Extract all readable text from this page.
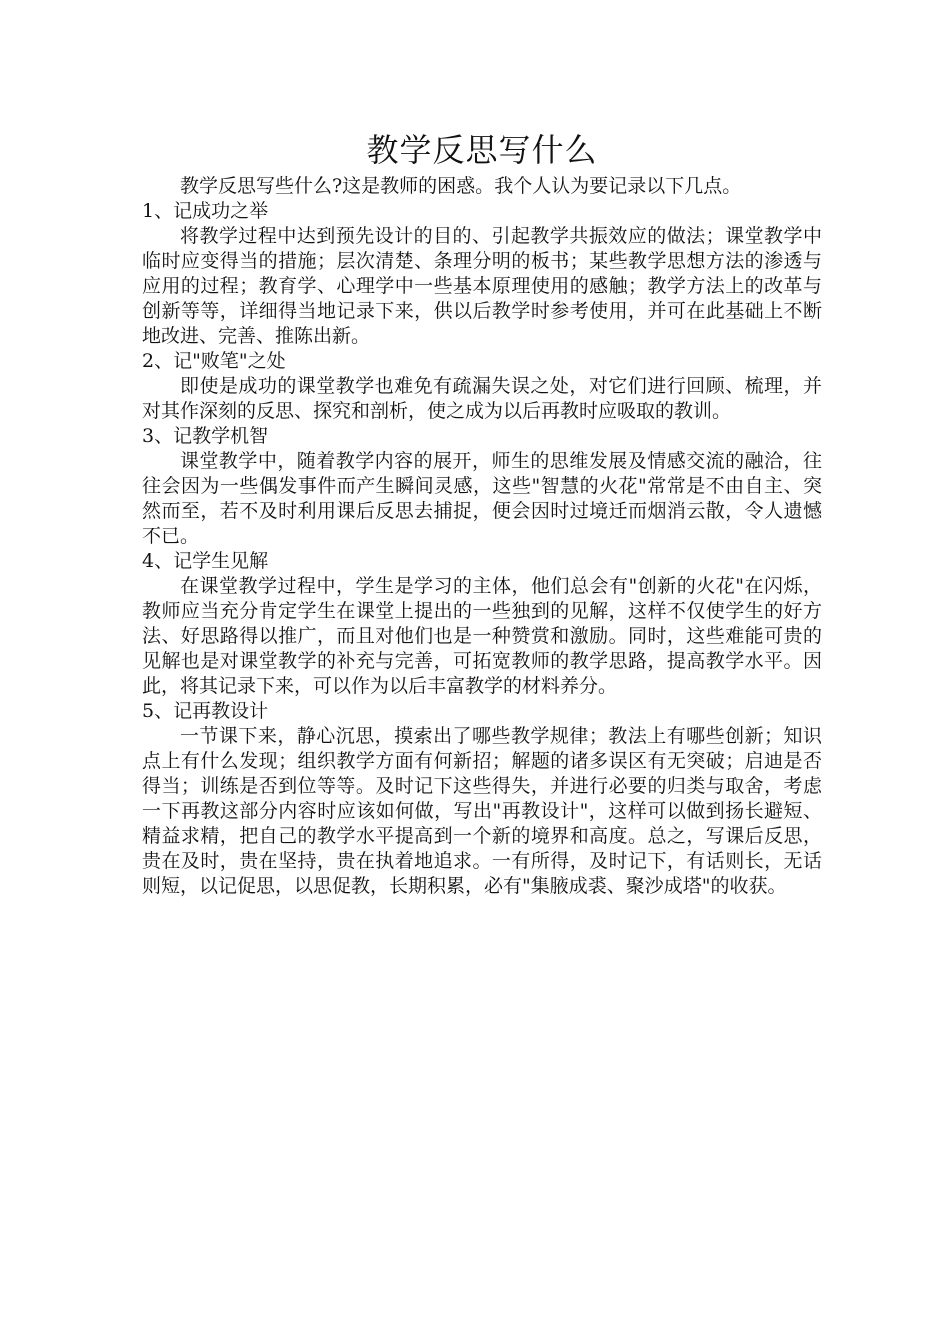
教学反思写什么

教学反思写些什么?这是教师的困惑。我个人认为要记录以下几点。

1、记成功之举

将教学过程中达到预先设计的目的、引起教学共振效应的做法；课堂教学中临时应变得当的措施；层次清楚、条理分明的板书；某些教学思想方法的渗透与应用的过程；教育学、心理学中一些基本原理使用的感触；教学方法上的改革与创新等等，详细得当地记录下来，供以后教学时参考使用，并可在此基础上不断地改进、完善、推陈出新。

2、记"败笔"之处

即使是成功的课堂教学也难免有疏漏失误之处，对它们进行回顾、梳理，并对其作深刻的反思、探究和剖析，使之成为以后再教时应吸取的教训。

3、记教学机智

课堂教学中，随着教学内容的展开，师生的思维发展及情感交流的融洽，往往会因为一些偶发事件而产生瞬间灵感，这些"智慧的火花"常常是不由自主、突然而至，若不及时利用课后反思去捕捉，便会因时过境迁而烟消云散，令人遗憾不已。

4、记学生见解

在课堂教学过程中，学生是学习的主体，他们总会有"创新的火花"在闪烁，教师应当充分肯定学生在课堂上提出的一些独到的见解，这样不仅使学生的好方法、好思路得以推广，而且对他们也是一种赞赏和激励。同时，这些难能可贵的见解也是对课堂教学的补充与完善，可拓宽教师的教学思路，提高教学水平。因此，将其记录下来，可以作为以后丰富教学的材料养分。

5、记再教设计

一节课下来，静心沉思，摸索出了哪些教学规律；教法上有哪些创新；知识点上有什么发现；组织教学方面有何新招；解题的诸多误区有无突破；启迪是否得当；训练是否到位等等。及时记下这些得失，并进行必要的归类与取舍，考虑一下再教这部分内容时应该如何做，写出"再教设计"，这样可以做到扬长避短、精益求精，把自己的教学水平提高到一个新的境界和高度。总之，写课后反思，贵在及时，贵在坚持，贵在执着地追求。一有所得，及时记下，有话则长，无话则短，以记促思，以思促教，长期积累，必有"集腋成裘、聚沙成塔"的收获。
